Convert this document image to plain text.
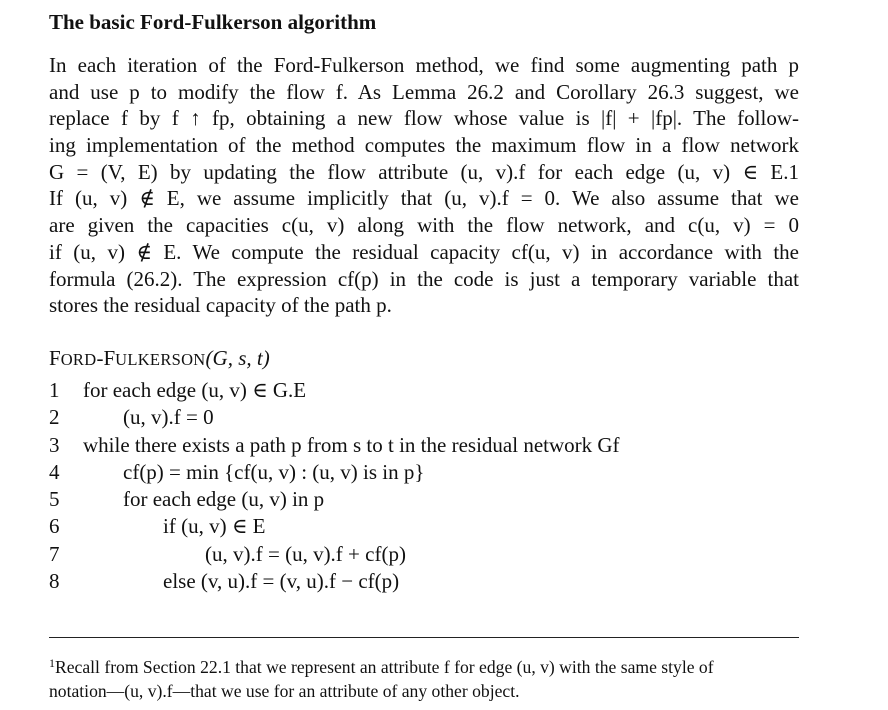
The basic Ford-Fulkerson algorithm
In each iteration of the Ford-Fulkerson method, we find some augmenting path p
and use p to modify the flow f. As Lemma 26.2 and Corollary 26.3 suggest, we
replace f by f ↑ fp, obtaining a new flow whose value is |f| + |fp|. The follow-
ing implementation of the method computes the maximum flow in a flow network
G = (V, E) by updating the flow attribute (u, v).f for each edge (u, v) ∈ E.1
If (u, v) ∉ E, we assume implicitly that (u, v).f = 0. We also assume that we
are given the capacities c(u, v) along with the flow network, and c(u, v) = 0
if (u, v) ∉ E. We compute the residual capacity cf(u, v) in accordance with the
formula (26.2). The expression cf(p) in the code is just a temporary variable that
stores the residual capacity of the path p.
FORD-FULKERSON(G, s, t)
1 for each edge (u, v) ∈ G.E
2	(u, v).f = 0
3 while there exists a path p from s to t in the residual network Gf
4	cf(p) = min {cf(u, v) : (u, v) is in p}
5	for each edge (u, v) in p
6	if (u, v) ∈ E
7	(u, v).f = (u, v).f + cf(p)
8	else (v, u).f = (v, u).f − cf(p)
$^1$Recall from Section 22.1 that we represent an attribute f for edge (u, v) with the same style of
notation—(u, v).f—that we use for an attribute of any other object.
